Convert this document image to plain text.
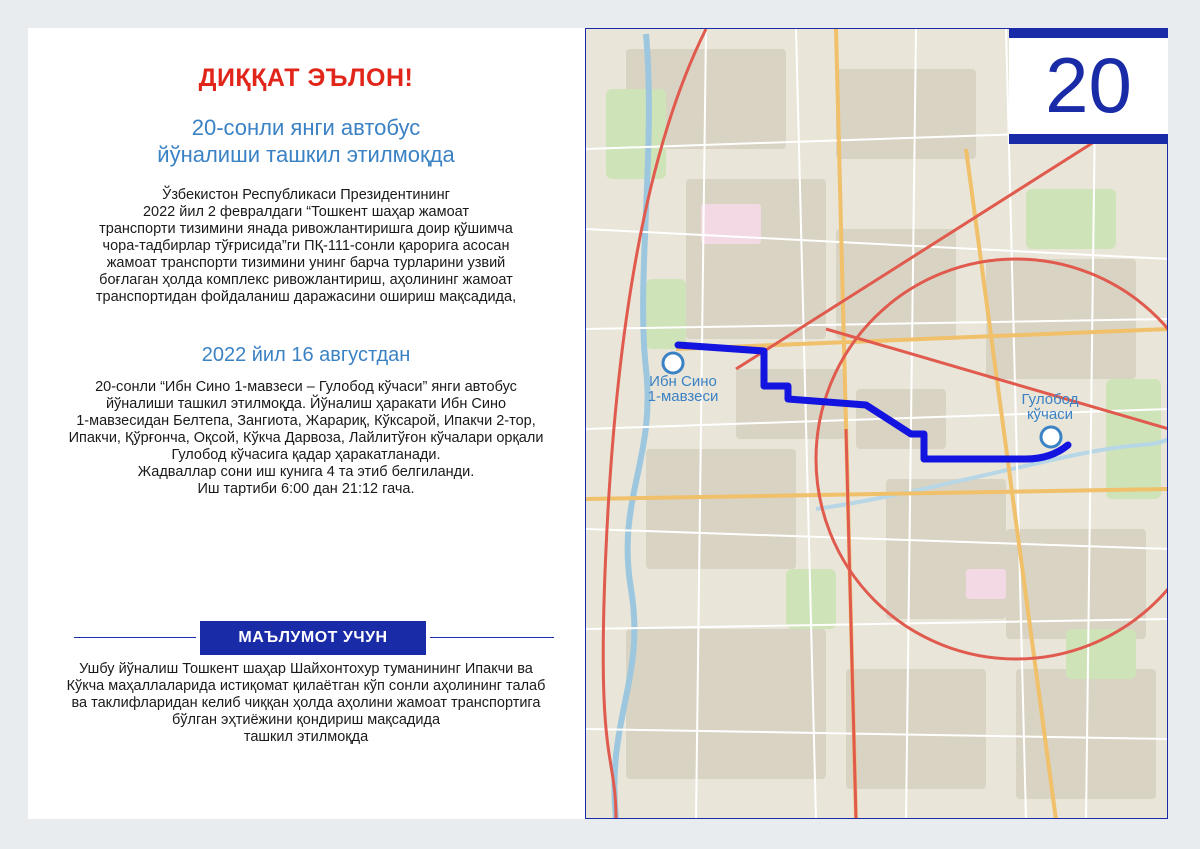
ДИҚҚАТ ЭЪЛОН!
20-сонли янги автобус
йўналиши ташкил этилмоқда
Ўзбекистон Республикаси Президентининг
2022 йил 2 февралдаги “Тошкент шаҳар жамоат
транспорти тизимини янада ривожлантиришга доир қўшимча
чора-тадбирлар тўғрисида”ги ПҚ-111-сонли қарорига асосан
жамоат транспорти тизимини унинг барча турларини узвий
боғлаган ҳолда комплекс ривожлантириш, аҳолининг жамоат
транспортидан фойдаланиш даражасини ошириш мақсадида,
2022 йил 16 августдан
20-сонли “Ибн Сино 1-мавзеси – Гулобод кўчаси” янги автобус
йўналиши ташкил этилмоқда. Йўналиш ҳаракати Ибн Сино
1-мавзесидан Белтепа, Зангиота, Жарариқ, Кўксарой, Ипакчи 2-тор,
Ипакчи, Қўрғонча, Оқсой, Кўкча Дарвоза, Лайлитўғон кўчалари орқали
Гулобод кўчасига қадар ҳаракатланади.
Жадваллар сони иш кунига 4 та этиб белгиланди.
Иш тартиби 6:00 дан 21:12 гача.
МАЪЛУМОТ УЧУН
Ушбу йўналиш Тошкент шаҳар Шайхонтохур туманининг Ипакчи ва
Кўкча маҳаллаларида истиқомат қилаётган кўп сонли аҳолининг талаб
ва таклифларидан келиб чиққан ҳолда аҳолини жамоат транспортига
бўлган эҳтиёжини қондириш мақсадида
ташкил этилмоқда
Ибн Сино
1-мавзеси	Гулобод
кўчаси
20
